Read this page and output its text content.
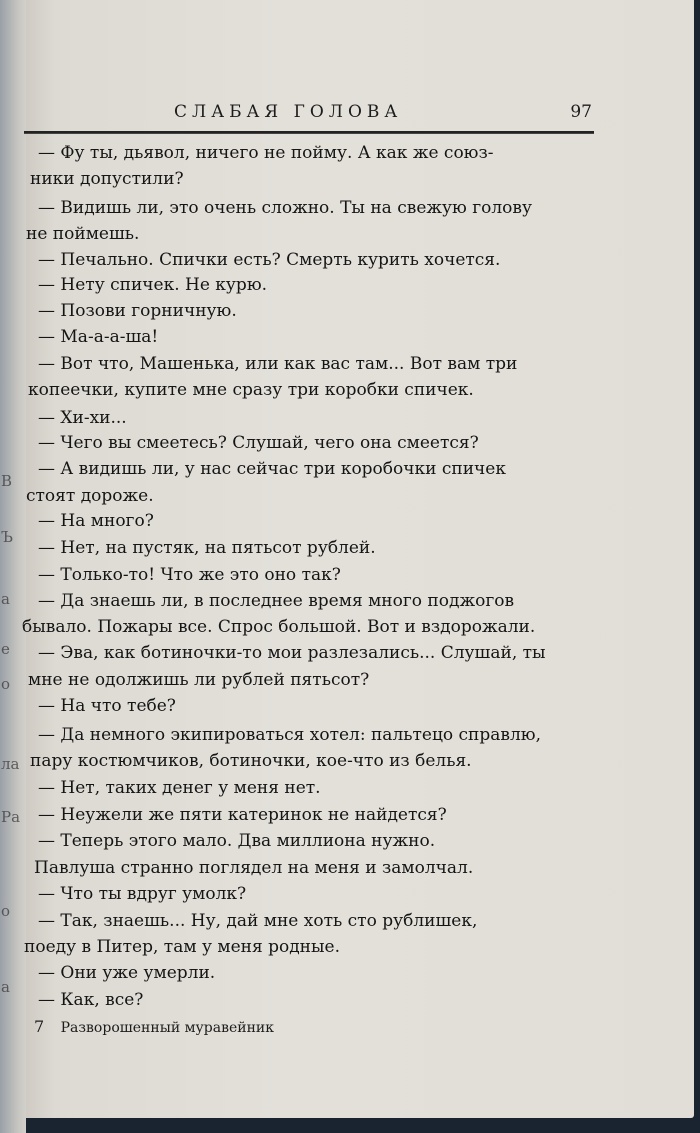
В
Ъ
а
е
о
ла
Ра
о
а
СЛАБАЯ ГОЛОВА	97
— Фу ты, дьявол, ничего не пойму. А как же союз-
ники допустили?
— Видишь ли, это очень сложно. Ты на свежую голову
не поймешь.
— Печально. Спички есть? Смерть курить хочется.
— Нету спичек. Не курю.
— Позови горничную.
— Ма-а-а-ша!
— Вот что, Машенька, или как вас там... Вот вам три
копеечки, купите мне сразу три коробки спичек.
— Хи-хи...
— Чего вы смеетесь? Слушай, чего она смеется?
— А видишь ли, у нас сейчас три коробочки спичек
стоят дороже.
— На много?
— Нет, на пустяк, на пятьсот рублей.
— Только-то! Что же это оно так?
— Да знаешь ли, в последнее время много поджогов
бывало. Пожары все. Спрос большой. Вот и вздорожали.
— Эва, как ботиночки-то мои разлезались... Слушай, ты
мне не одолжишь ли рублей пятьсот?
— На что тебе?
— Да немного экипироваться хотел: пальтецо справлю,
пару костюмчиков, ботиночки, кое-что из белья.
— Нет, таких денег у меня нет.
— Неужели же пяти катеринок не найдется?
— Теперь этого мало. Два миллиона нужно.
Павлуша странно поглядел на меня и замолчал.
— Что ты вдруг умолк?
— Так, знаешь... Ну, дай мне хоть сто рублишек,
поеду в Питер, там у меня родные.
— Они уже умерли.
— Как, все?
7 Разворошенный муравейник
